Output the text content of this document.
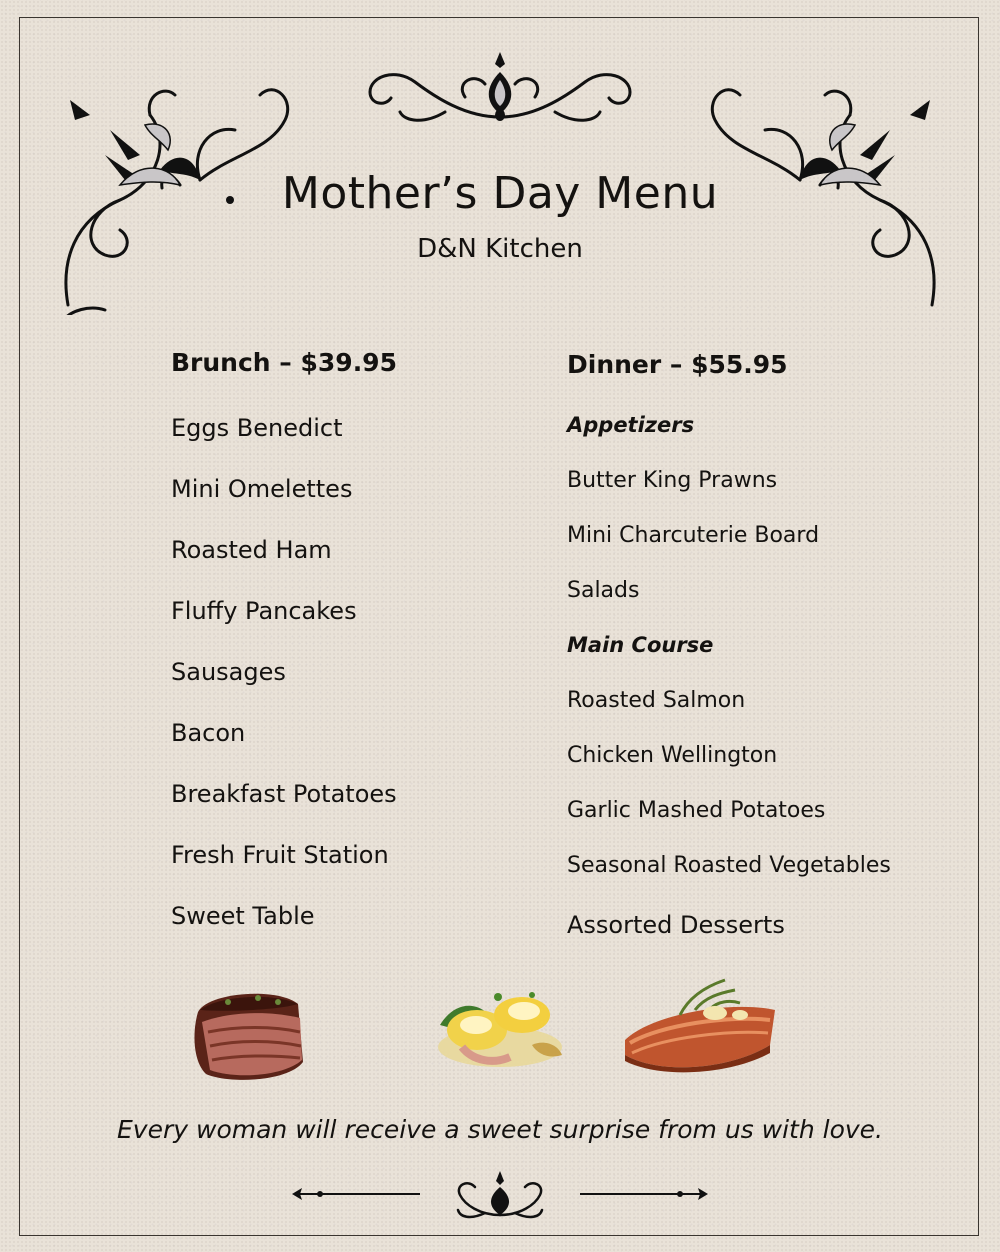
Mother’s Day Menu
D&N Kitchen
Brunch – $39.95
Eggs Benedict
Mini Omelettes
Roasted Ham
Fluffy Pancakes
Sausages
Bacon
Breakfast Potatoes
Fresh Fruit Station
Sweet Table
Dinner – $55.95
Appetizers
Butter King Prawns
Mini Charcuterie Board
Salads
Main Course
Roasted Salmon
Chicken Wellington
Garlic Mashed Potatoes
Seasonal Roasted Vegetables
Assorted Desserts
Every woman will receive a sweet surprise from us with love.
